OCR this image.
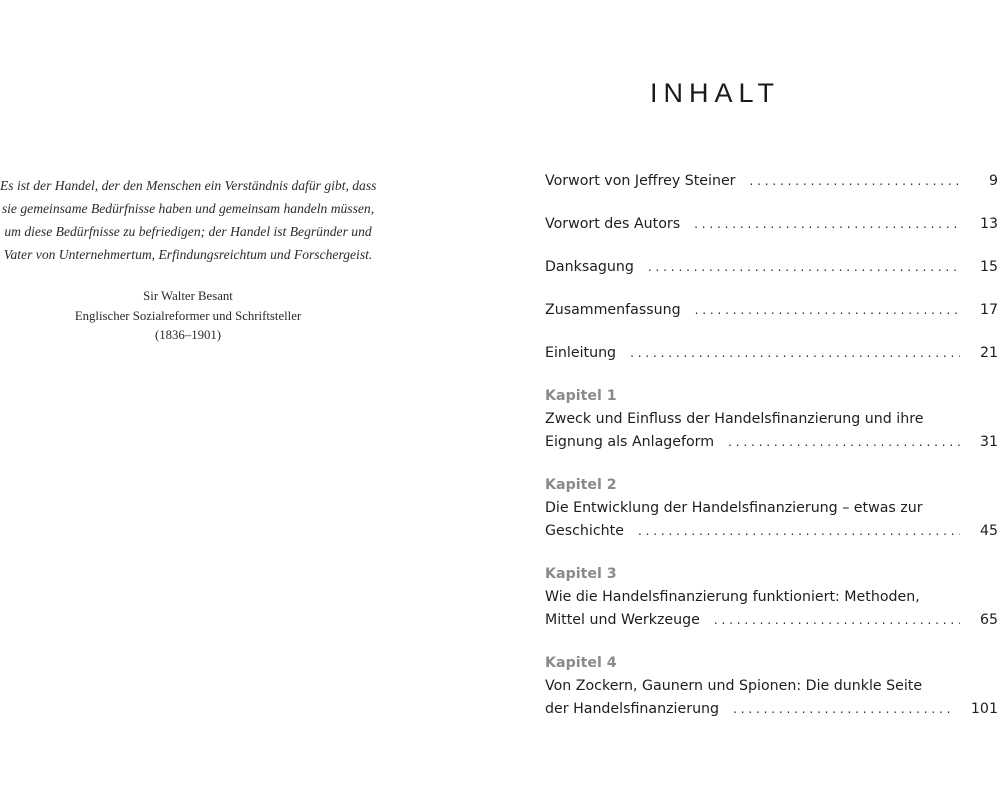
Es ist der Handel, der den Menschen ein Verständnis dafür gibt, dass
sie gemeinsame Bedürfnisse haben und gemeinsam handeln müssen,
um diese Bedürfnisse zu befriedigen; der Handel ist Begründer und
Vater von Unternehmertum, Erfindungsreichtum und Forschergeist.
Sir Walter Besant
Englischer Sozialreformer und Schriftsteller
(1836–1901)
INHALT
Vorwort von Jeffrey Steiner . . .	9
Vorwort des Autors . . .	13
Danksagung . . .	15
Zusammenfassung . . .	17
Einleitung . . .	21
Kapitel 1
Zweck und Einfluss der Handelsfinanzierung und ihre
Eignung als Anlageform . . .	31
Kapitel 2
Die Entwicklung der Handelsfinanzierung – etwas zur
Geschichte . . .	45
Kapitel 3
Wie die Handelsfinanzierung funktioniert: Methoden,
Mittel und Werkzeuge . . .	65
Kapitel 4
Von Zockern, Gaunern und Spionen: Die dunkle Seite
der Handelsfinanzierung . . .	101
